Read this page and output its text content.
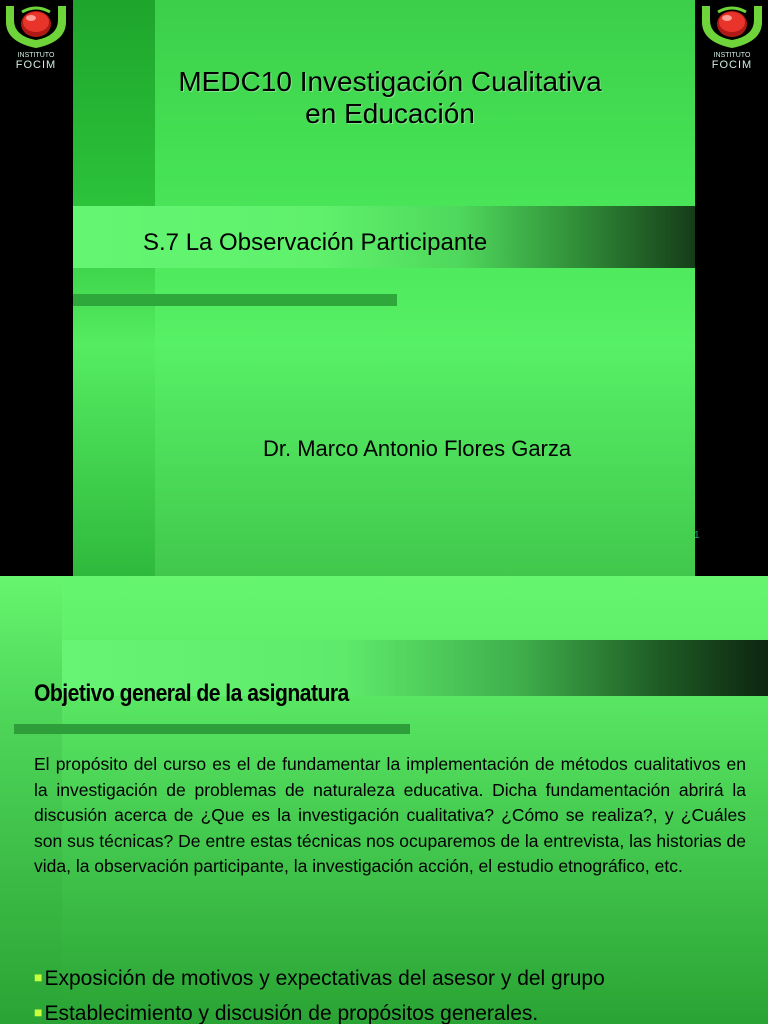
INSTITUTO
FOCIM
INSTITUTO
FOCIM
MEDC10 Investigación Cualitativa
en Educación
S.7 La Observación Participante
Dr. Marco Antonio Flores Garza
1
Objetivo general de la asignatura

El propósito del curso es el de fundamentar la implementación de métodos cualitativos en la investigación de problemas de naturaleza educativa. Dicha fundamentación abrirá la discusión acerca de ¿Que es la investigación cualitativa? ¿Cómo se realiza?, y ¿Cuáles son sus técnicas? De entre estas técnicas nos ocuparemos de la entrevista, las historias de vida, la observación participante, la investigación acción, el estudio etnográfico, etc.

■Exposición de motivos y expectativas del asesor y del grupo
■Establecimiento y discusión de propósitos generales.
